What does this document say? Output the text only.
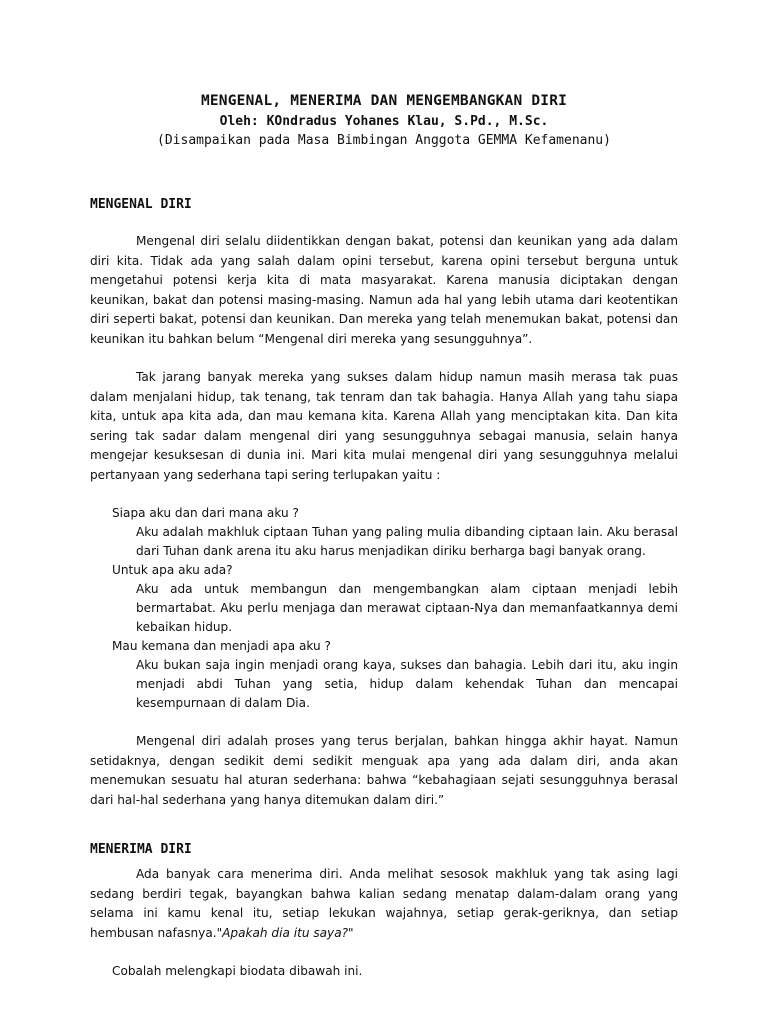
MENGENAL, MENERIMA DAN MENGEMBANGKAN DIRI

Oleh: KOndradus Yohanes Klau, S.Pd., M.Sc.

(Disampaikan pada Masa Bimbingan Anggota GEMMA Kefamenanu)

MENGENAL DIRI

Mengenal diri selalu diidentikkan dengan bakat, potensi dan keunikan yang ada dalam diri kita. Tidak ada yang salah dalam opini tersebut, karena opini tersebut berguna untuk mengetahui potensi kerja kita di mata masyarakat. Karena manusia diciptakan dengan keunikan, bakat dan potensi masing-masing. Namun ada hal yang lebih utama dari keotentikan diri seperti bakat, potensi dan keunikan. Dan mereka yang telah menemukan bakat, potensi dan keunikan itu bahkan belum “Mengenal diri mereka yang sesungguhnya”.

Tak jarang banyak mereka yang sukses dalam hidup namun masih merasa tak puas dalam menjalani hidup, tak tenang, tak tenram dan tak bahagia. Hanya Allah yang tahu siapa kita, untuk apa kita ada, dan mau kemana kita. Karena Allah yang menciptakan kita. Dan kita sering tak sadar dalam mengenal diri yang sesungguhnya sebagai manusia, selain hanya mengejar kesuksesan di dunia ini. Mari kita mulai mengenal diri yang sesungguhnya melalui pertanyaan yang sederhana tapi sering terlupakan yaitu :

Siapa aku dan dari mana aku ?

Aku adalah makhluk ciptaan Tuhan yang paling mulia dibanding ciptaan lain. Aku berasal dari Tuhan dank arena itu aku harus menjadikan diriku berharga bagi banyak orang.

Untuk apa aku ada?

Aku ada untuk membangun dan mengembangkan alam ciptaan menjadi lebih bermartabat. Aku perlu menjaga dan merawat ciptaan-Nya dan memanfaatkannya demi kebaikan hidup.

Mau kemana dan menjadi apa aku ?

Aku bukan saja ingin menjadi orang kaya, sukses dan bahagia. Lebih dari itu, aku ingin menjadi abdi Tuhan yang setia, hidup dalam kehendak Tuhan dan mencapai kesempurnaan di dalam Dia.

Mengenal diri adalah proses yang terus berjalan, bahkan hingga akhir hayat. Namun setidaknya, dengan sedikit demi sedikit menguak apa yang ada dalam diri, anda akan menemukan sesuatu hal aturan sederhana: bahwa “kebahagiaan sejati sesungguhnya berasal dari hal-hal sederhana yang hanya ditemukan dalam diri.”

MENERIMA DIRI

Ada banyak cara menerima diri. Anda melihat sesosok makhluk yang tak asing lagi sedang berdiri tegak, bayangkan bahwa kalian sedang menatap dalam-dalam orang yang selama ini kamu kenal itu, setiap lekukan wajahnya, setiap gerak-geriknya, dan setiap hembusan nafasnya."Apakah dia itu saya?"

Cobalah melengkapi biodata dibawah ini.
